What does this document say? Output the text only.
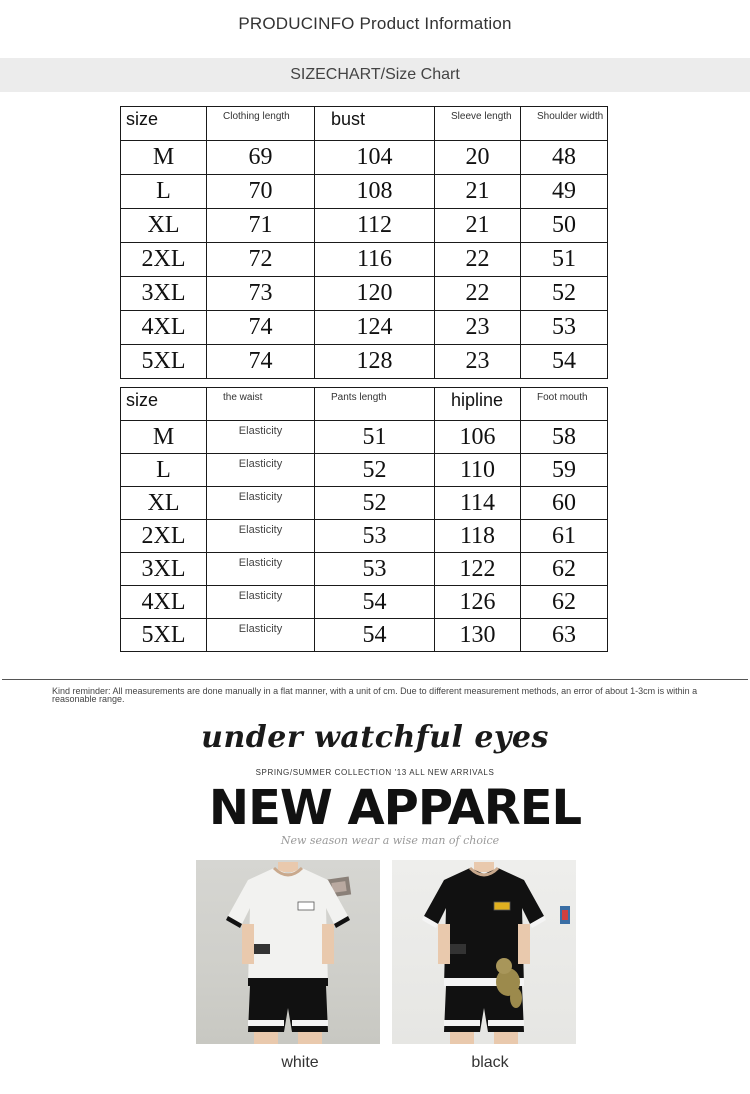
PRODUCINFO Product Information
SIZECHART/Size Chart
size	Clothing length	bust	Sleeve length	Shoulder width
M	69	104	20	48
L	70	108	21	49
XL	71	112	21	50
2XL	72	116	22	51
3XL	73	120	22	52
4XL	74	124	23	53
5XL	74	128	23	54
size	the waist	Pants length	hipline	Foot mouth
M	Elasticity	51	106	58
L	Elasticity	52	110	59
XL	Elasticity	52	114	60
2XL	Elasticity	53	118	61
3XL	Elasticity	53	122	62
4XL	Elasticity	54	126	62
5XL	Elasticity	54	130	63
Kind reminder: All measurements are done manually in a flat manner, with a unit of cm. Due to different measurement methods, an error of about 1-3cm is within a reasonable range.
under watchful eyes
SPRING/SUMMER COLLECTION '13 ALL NEW ARRIVALS
NEW APPAREL
New season wear a wise man of choice
white	black
